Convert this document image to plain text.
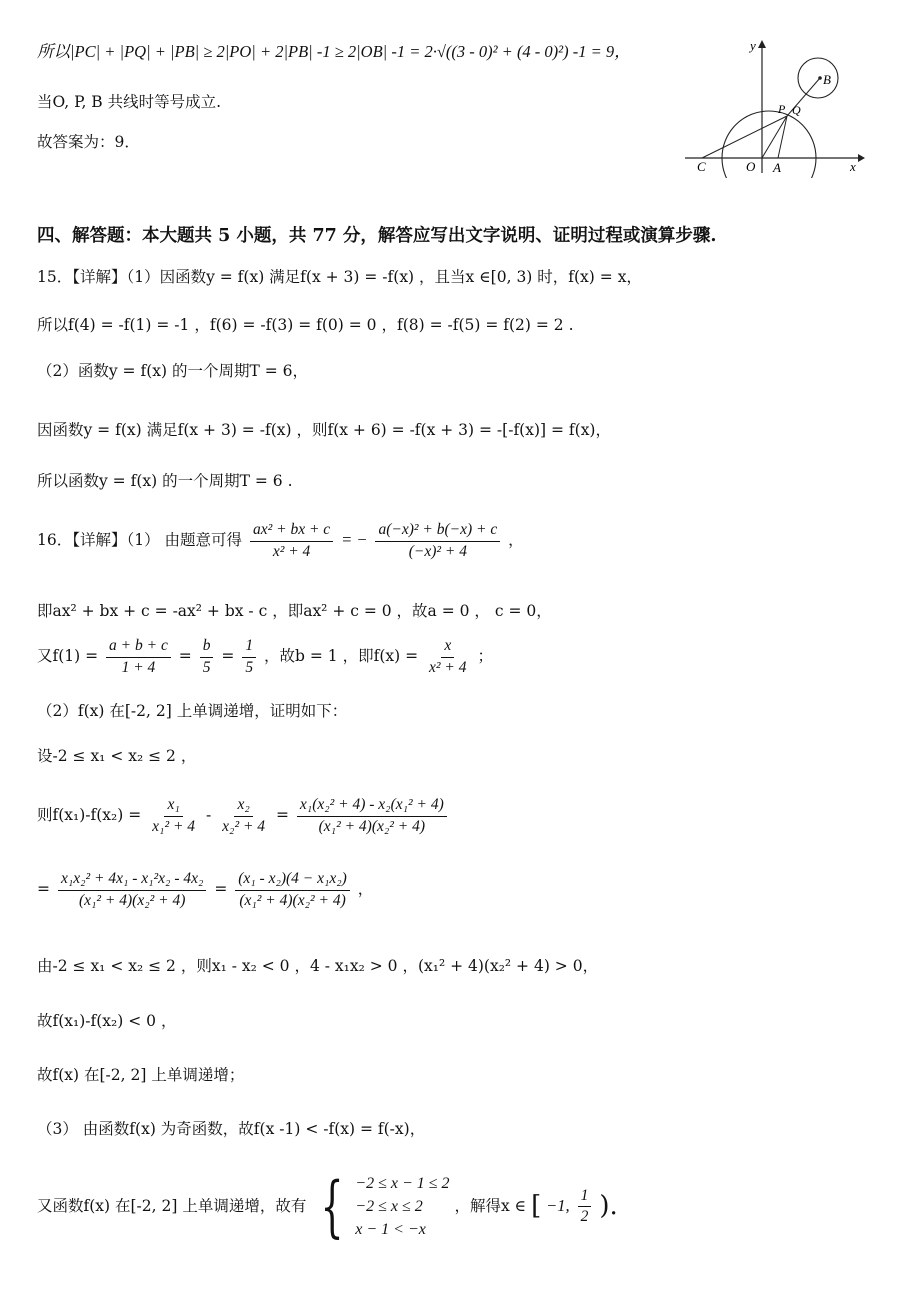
所以|PC| + |PQ| + |PB| ≥ 2|PO| + 2|PB| -1 ≥ 2|OB| -1 = 2·√((3 - 0)² + (4 - 0)²) -1 = 9，
当O, P, B 共线时等号成立.
故答案为：9．
y
x
B
Q
P
C	O A
四、解答题：本大题共 5 小题，共 77 分，解答应写出文字说明、证明过程或演算步骤.
15．【详解】（1）因函数y = f(x) 满足f(x + 3) = -f(x) ，且当x ∈[0, 3) 时，f(x) = x，
所以f(4) = -f(1) = -1 ，f(6) = -f(3) = f(0) = 0 ，f(8) = -f(5) = f(2) = 2 .
（2）函数y = f(x) 的一个周期T = 6，
因函数y = f(x) 满足f(x + 3) = -f(x) ，则f(x + 6) = -f(x + 3) = -[-f(x)] = f(x)，
所以函数y = f(x) 的一个周期T = 6 .
16．【详解】（1） 由题意可得 $\frac{\text{ax² + bx + c}}{\text{x² + 4}}$ = − $\frac{\text{a(−x)² + b(−x) + c}}{\text{(−x)² + 4}}$ ，
即ax² + bx + c = -ax² + bx - c ，即ax² + c = 0 ，故a = 0 ， c = 0，
又$f(1) = \frac{a + b + c}{1 + 4} = \frac{b}{5} = \frac{1}{5}$ ，故b = 1 ，即$f(x) = \frac{x}{\text{x² + 4}}$ ；
（2）f(x) 在[-2, 2] 上单调递增，证明如下：
设-2 ≤ x₁ < x₂ ≤ 2 ，
则$f(x_1)-f(x_2) = \frac{\text{x₁}}{\text{x₁² + 4}} - \frac{\text{x₂}}{\text{x₂² + 4}} = \frac{\text{x₁(x₂² + 4) - x₂(x₁² + 4)}}{\text{(x₁² + 4)(x₂² + 4)}}$
= $\frac{\text{x₁x₂² + 4x₁ - x₁²x₂ - 4x₂}}{\text{(x₁² + 4)(x₂² + 4)}} = \frac{\text{(x₁ - x₂)(4 − x₁x₂)}}{\text{(x₁² + 4)(x₂² + 4)}}$ ，
由-2 ≤ x₁ < x₂ ≤ 2 ，则x₁ - x₂ < 0 ，4 - x₁x₂ > 0 ，(x₁² + 4)(x₂² + 4) > 0，
故f(x₁)-f(x₂) < 0 ，
故f(x) 在[-2, 2] 上单调递增；
（3） 由函数f(x) 为奇函数，故f(x -1) < -f(x) = f(-x)，
又函数f(x) 在[-2, 2] 上单调递增，故有 { −2 ≤ x − 1 ≤ 2
−2 ≤ x ≤ 2
x − 1 < −x
，解得x ∈ [ −1, $\frac{1}{2}$ ).
